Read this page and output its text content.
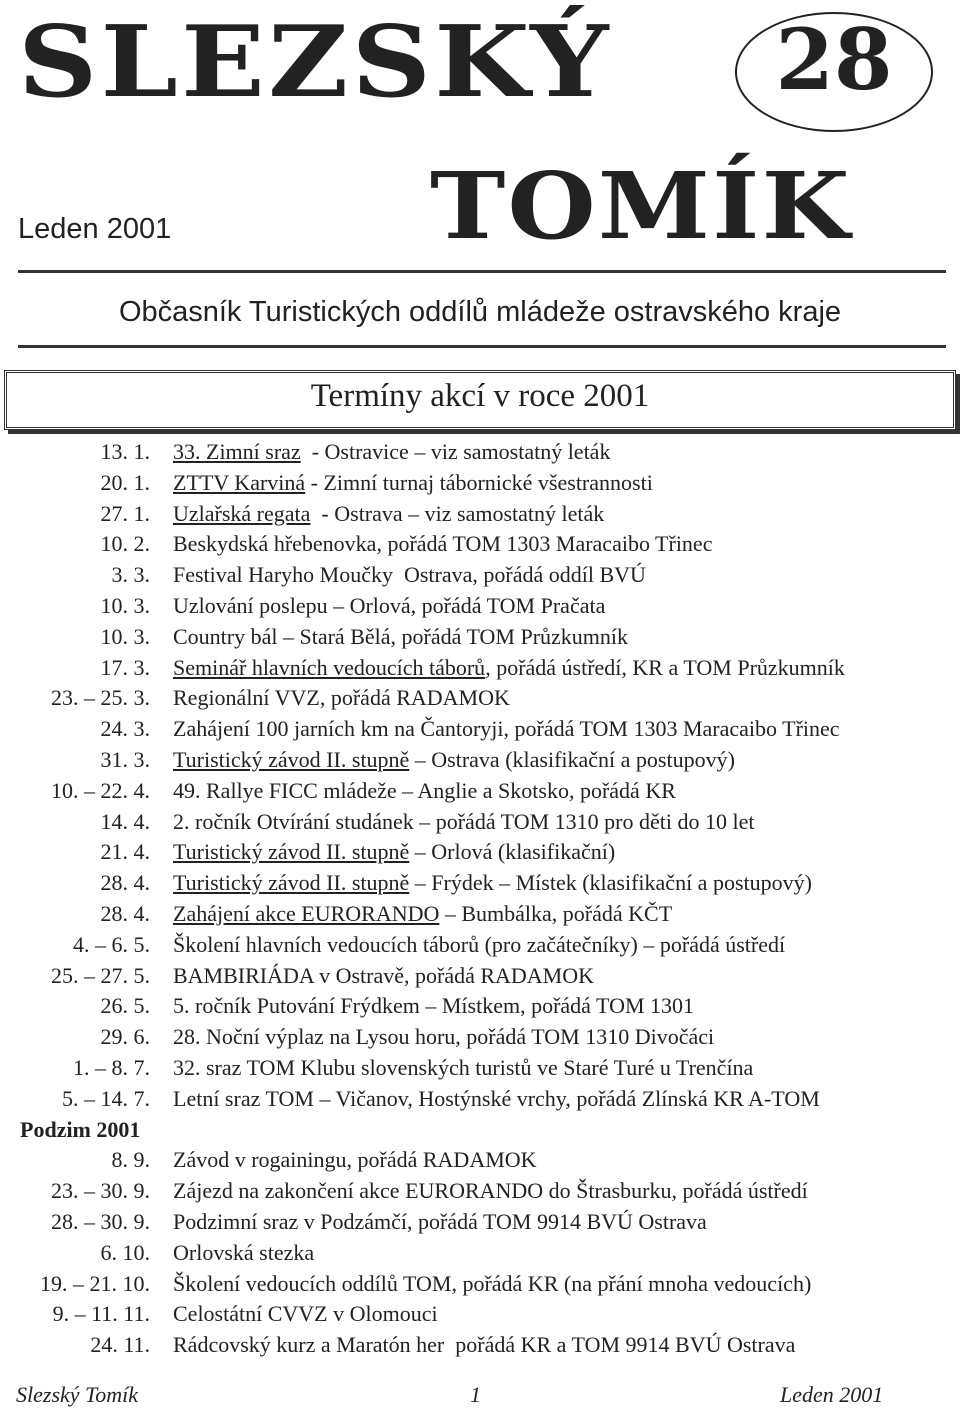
SLEZSKÝ	28
TOMÍK
Leden 2001
Občasník Turistických oddílů mládeže ostravského kraje
Termíny akcí v roce 2001
13. 1. 33. Zimní sraz  - Ostravice – viz samostatný leták
20. 1. ZTTV Karviná - Zimní turnaj tábornické všestrannosti
27. 1. Uzlařská regata  - Ostrava – viz samostatný leták
10. 2. Beskydská hřebenovka, pořádá TOM 1303 Maracaibo Třinec
3. 3. Festival Haryho Moučky  Ostrava, pořádá oddíl BVÚ
10. 3. Uzlování poslepu – Orlová, pořádá TOM Pračata
10. 3. Country bál – Stará Bělá, pořádá TOM Průzkumník
17. 3. Seminář hlavních vedoucích táborů, pořádá ústředí, KR a TOM Průzkumník
23. – 25. 3. Regionální VVZ, pořádá RADAMOK
24. 3. Zahájení 100 jarních km na Čantoryji, pořádá TOM 1303 Maracaibo Třinec
31. 3. Turistický závod II. stupně – Ostrava (klasifikační a postupový)
10. – 22. 4. 49. Rallye FICC mládeže – Anglie a Skotsko, pořádá KR
14. 4. 2. ročník Otvírání studánek – pořádá TOM 1310 pro děti do 10 let
21. 4. Turistický závod II. stupně – Orlová (klasifikační)
28. 4. Turistický závod II. stupně – Frýdek – Místek (klasifikační a postupový)
28. 4. Zahájení akce EURORANDO – Bumbálka, pořádá KČT
4. – 6. 5. Školení hlavních vedoucích táborů (pro začátečníky) – pořádá ústředí
25. – 27. 5. BAMBIRIÁDA v Ostravě, pořádá RADAMOK
26. 5. 5. ročník Putování Frýdkem – Místkem, pořádá TOM 1301
29. 6. 28. Noční výplaz na Lysou horu, pořádá TOM 1310 Divočáci
1. – 8. 7. 32. sraz TOM Klubu slovenských turistů ve Staré Turé u Trenčína
5. – 14. 7. Letní sraz TOM – Vičanov, Hostýnské vrchy, pořádá Zlínská KR A-TOM
Podzim 2001
8. 9. Závod v rogainingu, pořádá RADAMOK
23. – 30. 9. Zájezd na zakončení akce EURORANDO do Štrasburku, pořádá ústředí
28. – 30. 9. Podzimní sraz v Podzámčí, pořádá TOM 9914 BVÚ Ostrava
6. 10. Orlovská stezka
19. – 21. 10. Školení vedoucích oddílů TOM, pořádá KR (na přání mnoha vedoucích)
9. – 11. 11. Celostátní CVVZ v Olomouci
24. 11. Rádcovský kurz a Maratón her  pořádá KR a TOM 9914 BVÚ Ostrava
Slezský Tomík	1	Leden 2001
